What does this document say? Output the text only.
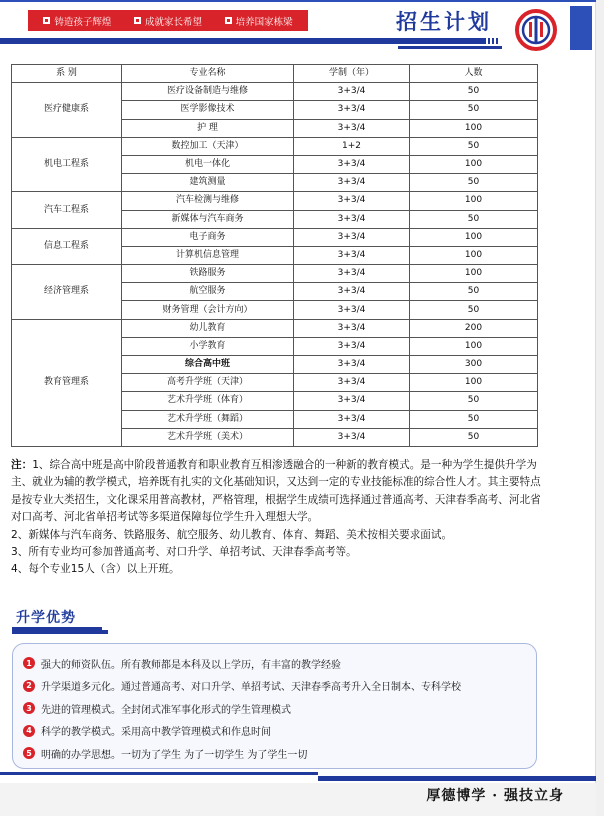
铸造孩子辉煌	成就家长希望	培养国家栋梁	招生计划
系 别	专业名称	学制（年）	人数
医疗健康系	医疗设备制造与维修	3+3/4	50
	医学影像技术	3+3/4	50
	护 理	3+3/4	100
机电工程系	数控加工（天津）	1+2	50
	机电一体化	3+3/4	100
	建筑测量	3+3/4	50
汽车工程系	汽车检测与维修	3+3/4	100
	新媒体与汽车商务	3+3/4	50
信息工程系	电子商务	3+3/4	100
	计算机信息管理	3+3/4	100
经济管理系	铁路服务	3+3/4	100
	航空服务	3+3/4	50
	财务管理（会计方向）	3+3/4	50
教育管理系	幼儿教育	3+3/4	200
	小学教育	3+3/4	100
	综合高中班	3+3/4	300
	高考升学班（天津）	3+3/4	100
	艺术升学班（体育）	3+3/4	50
	艺术升学班（舞蹈）	3+3/4	50
	艺术升学班（美术）	3+3/4	50

注：1、综合高中班是高中阶段普通教育和职业教育互相渗透融合的一种新的教育模式。是一种为学生提供升学为主、就业为辅的教学模式，培养既有扎实的文化基础知识，又达到一定的专业技能标准的综合性人才。其主要特点是按专业大类招生，文化课采用普高教材，严格管理，根据学生成绩可选择通过普通高考、天津春季高考、河北省对口高考、河北省单招考试等多渠道保障每位学生升入理想大学。

2、新媒体与汽车商务、铁路服务、航空服务、幼儿教育、体育、舞蹈、美术按相关要求面试。

3、所有专业均可参加普通高考、对口升学、单招考试、天津春季高考等。

4、每个专业15人（含）以上开班。

升学优势
1 强大的师资队伍。所有教师都是本科及以上学历，有丰富的教学经验
2 升学渠道多元化。通过普通高考、对口升学、单招考试、天津春季高考升入全日制本、专科学校
3 先进的管理模式。全封闭式准军事化形式的学生管理模式
4 科学的教学模式。采用高中教学管理模式和作息时间
5 明确的办学思想。一切为了学生 为了一切学生 为了学生一切
厚德博学 · 强技立身
